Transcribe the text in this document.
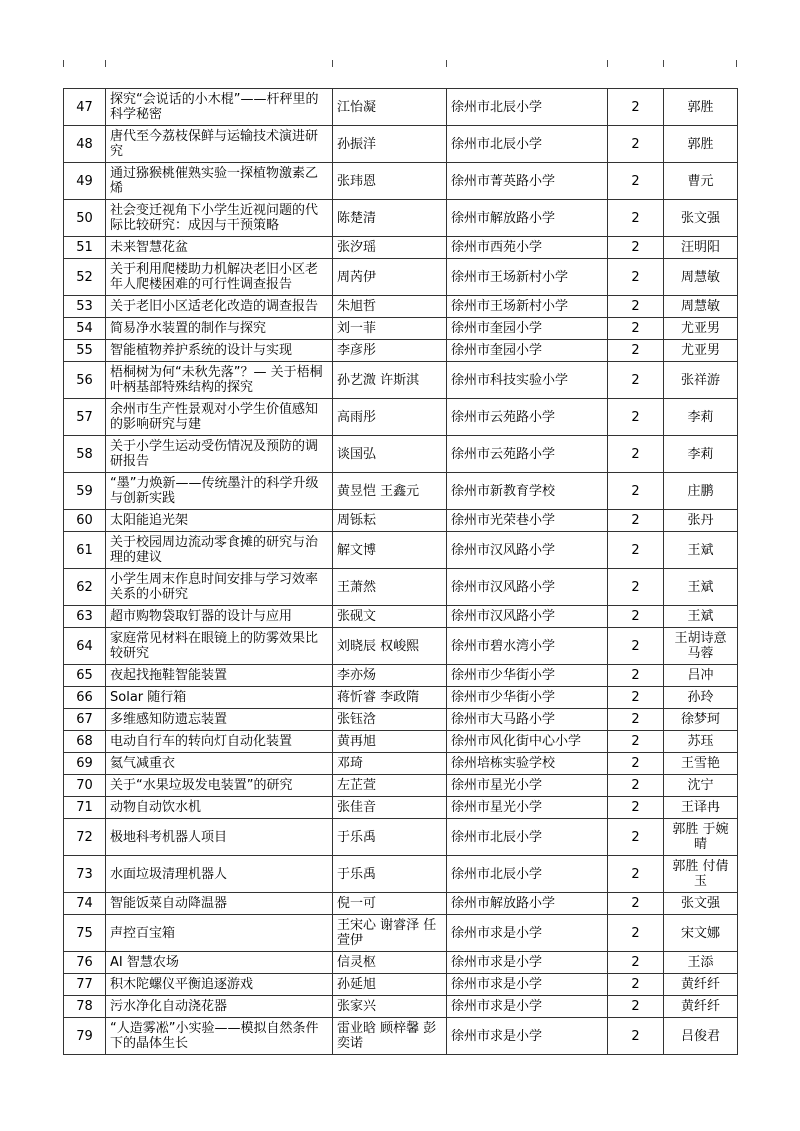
47	探究“会说话的小木棍”——杆秤里的科学秘密	江怡凝	徐州市北辰小学	2	郭胜
48	唐代至今荔枝保鲜与运输技术演进研究	孙振洋	徐州市北辰小学	2	郭胜
49	通过猕猴桃催熟实验一探植物激素乙烯	张玮恩	徐州市菁英路小学	2	曹元
50	社会变迁视角下小学生近视问题的代际比较研究：成因与干预策略	陈楚清	徐州市解放路小学	2	张文强
51	未来智慧花盆	张汐瑶	徐州市西苑小学	2	汪明阳
52	关于利用爬楼助力机解决老旧小区老年人爬楼困难的可行性调查报告	周芮伊	徐州市王场新村小学	2	周慧敏
53	关于老旧小区适老化改造的调查报告	朱旭哲	徐州市王场新村小学	2	周慧敏
54	简易净水装置的制作与探究	刘一菲	徐州市奎园小学	2	尤亚男
55	智能植物养护系统的设计与实现	李彦彤	徐州市奎园小学	2	尤亚男
56	梧桐树为何“未秋先落”？— 关于梧桐叶柄基部特殊结构的探究	孙艺溦 许斯淇	徐州市科技实验小学	2	张祥游
57	余州市生产性景观对小学生价值感知的影响研究与建	高雨彤	徐州市云苑路小学	2	李莉
58	关于小学生运动受伤情况及预防的调研报告	谈国弘	徐州市云苑路小学	2	李莉
59	“墨”力焕新——传统墨汁的科学升级与创新实践	黄昱恺 王鑫元	徐州市新教育学校	2	庄鹏
60	太阳能追光架	周铄耘	徐州市光荣巷小学	2	张丹
61	关于校园周边流动零食摊的研究与治理的建议	解文博	徐州市汉风路小学	2	王斌
62	小学生周末作息时间安排与学习效率关系的小研究	王萧然	徐州市汉风路小学	2	王斌
63	超市购物袋取钉器的设计与应用	张砚文	徐州市汉风路小学	2	王斌
64	家庭常见材料在眼镜上的防雾效果比较研究	刘晓辰 权峻熙	徐州市碧水湾小学	2	王胡诗意 马蓉
65	夜起找拖鞋智能装置	李亦炀	徐州市少华街小学	2	吕冲
66	Solar 随行箱	蒋忻睿 李政隋	徐州市少华街小学	2	孙玲
67	多维感知防遗忘装置	张钰浛	徐州市大马路小学	2	徐梦珂
68	电动自行车的转向灯自动化装置	黄再旭	徐州市风化街中心小学	2	苏珏
69	氦气减重衣	邓琦	徐州培栋实验学校	2	王雪艳
70	关于“水果垃圾发电装置”的研究	左芷萱	徐州市星光小学	2	沈宁
71	动物自动饮水机	张佳音	徐州市星光小学	2	王译冉
72	极地科考机器人项目	于乐禹	徐州市北辰小学	2	郭胜 于婉晴
73	水面垃圾清理机器人	于乐禹	徐州市北辰小学	2	郭胜 付倩玉
74	智能饭菜自动降温器	倪一可	徐州市解放路小学	2	张文强
75	声控百宝箱	王宋心 谢睿泽 任萱伊	徐州市求是小学	2	宋文娜
76	AI 智慧农场	信灵枢	徐州市求是小学	2	王添
77	积木陀螺仪平衡追逐游戏	孙延旭	徐州市求是小学	2	黄纤纤
78	污水净化自动浇花器	张家兴	徐州市求是小学	2	黄纤纤
79	“人造雾凇”小实验——模拟自然条件下的晶体生长	雷业晗 顾梓馨 彭奕诺	徐州市求是小学	2	吕俊君
